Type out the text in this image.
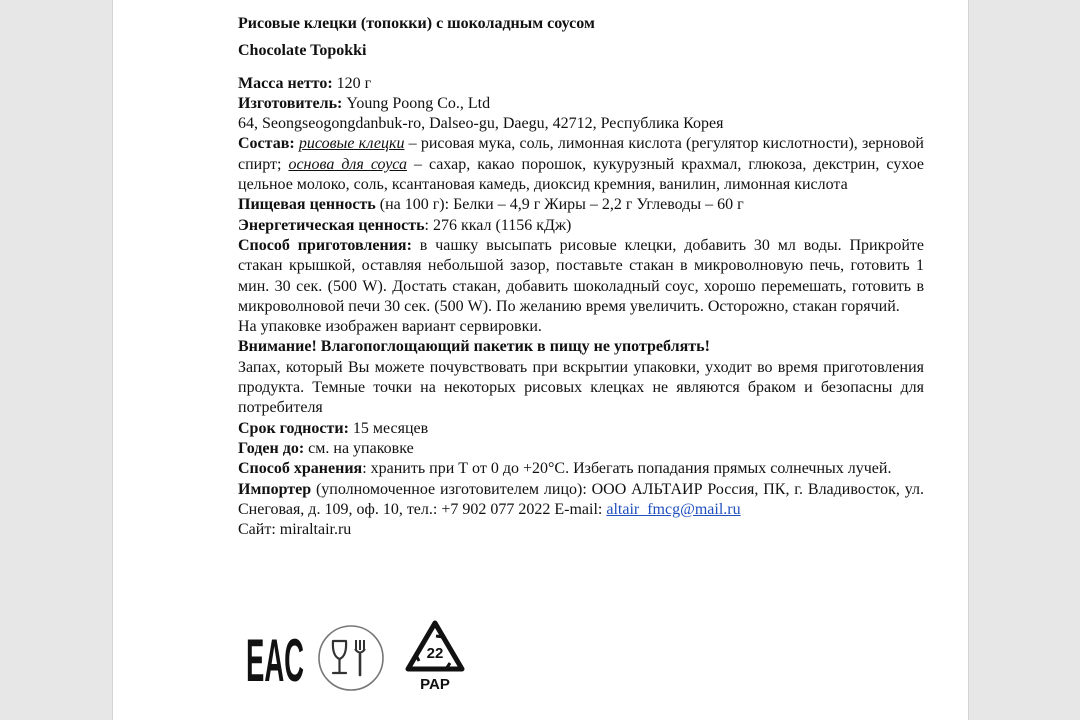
Рисовые клецки (топокки) с шоколадным соусом
Chocolate Topokki

Масса нетто: 120 г

Изготовитель: Young Poong Co., Ltd

64, Seongseogongdanbuk-ro, Dalseo-gu, Daegu, 42712, Республика Корея

Состав: рисовые клецки – рисовая мука, соль, лимонная кислота (регулятор кислотности), зерновой спирт; основа для соуса – сахар, какао порошок, кукурузный крахмал, глюкоза, декстрин, сухое цельное молоко, соль, ксантановая камедь, диоксид кремния, ванилин, лимонная кислота

Пищевая ценность (на 100 г): Белки – 4,9 г Жиры – 2,2 г Углеводы – 60 г

Энергетическая ценность: 276 ккал (1156 кДж)

Способ приготовления: в чашку высыпать рисовые клецки, добавить 30 мл воды. Прикройте стакан крышкой, оставляя небольшой зазор, поставьте стакан в микроволновую печь, готовить 1 мин. 30 сек. (500 W). Достать стакан, добавить шоколадный соус, хорошо перемешать, готовить в микроволновой печи 30 сек. (500 W). По желанию время увеличить. Осторожно, стакан горячий.

На упаковке изображен вариант сервировки.

Внимание! Влагопоглощающий пакетик в пищу не употреблять!

Запах, который Вы можете почувствовать при вскрытии упаковки, уходит во время приготовления продукта. Темные точки на некоторых рисовых клецках не являются браком и безопасны для потребителя

Срок годности: 15 месяцев

Годен до: см. на упаковке

Способ хранения: хранить при Т от 0 до +20°C. Избегать попадания прямых солнечных лучей.

Импортер (уполномоченное изготовителем лицо): ООО АЛЬТАИР Россия, ПК, г. Владивосток, ул. Снеговая, д. 109, оф. 10, тел.: +7 902 077 2022 E-mail: altair_fmcg@mail.ru

Сайт: miraltair.ru

EAC	22
PAP
